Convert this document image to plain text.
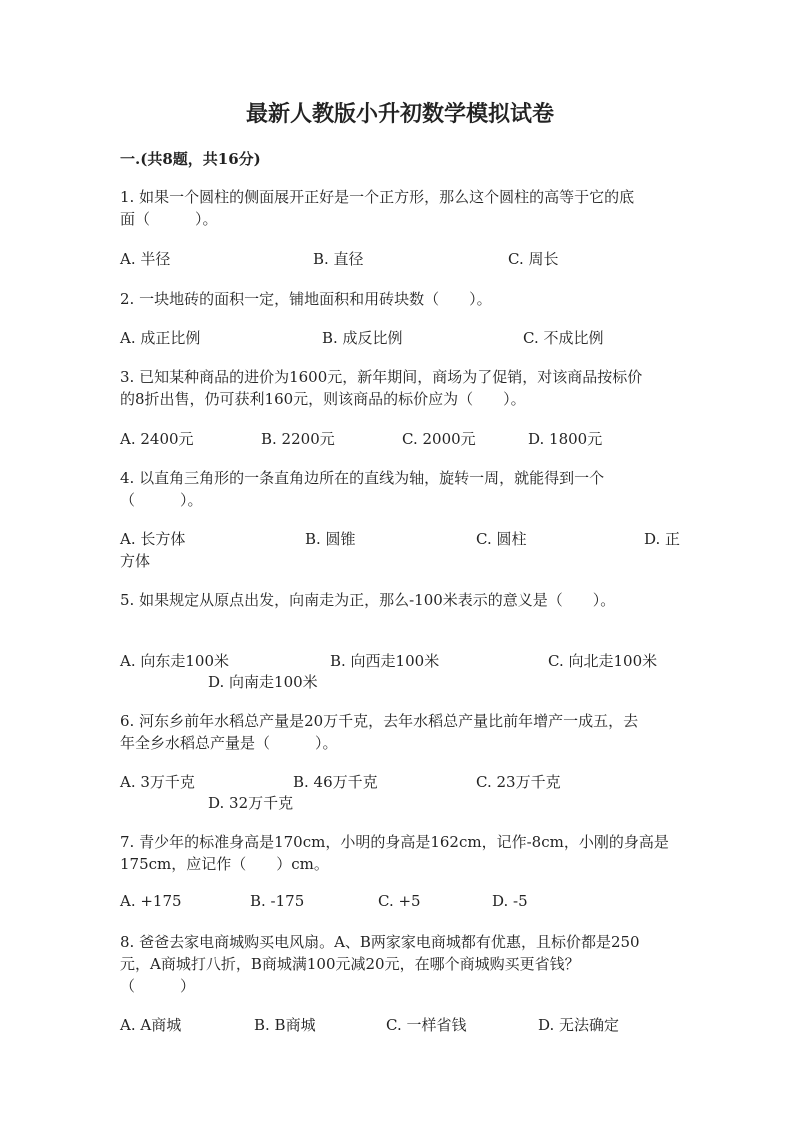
最新人教版小升初数学模拟试卷
一.(共8题，共16分)
1. 如果一个圆柱的侧面展开正好是一个正方形，那么这个圆柱的高等于它的底
面（　　　）。
A. 半径	B. 直径	C. 周长
2. 一块地砖的面积一定，铺地面积和用砖块数（　　）。
A. 成正比例	B. 成反比例	C. 不成比例
3. 已知某种商品的进价为1600元，新年期间，商场为了促销，对该商品按标价
的8折出售，仍可获利160元，则该商品的标价应为（　　）。
A. 2400元	B. 2200元	C. 2000元	D. 1800元
4. 以直角三角形的一条直角边所在的直线为轴，旋转一周，就能得到一个
（　　　）。
A. 长方体	B. 圆锥	C. 圆柱	D. 正
方体
5. 如果规定从原点出发，向南走为正，那么-100米表示的意义是（　　）。
A. 向东走100米	B. 向西走100米	C. 向北走100米
D. 向南走100米
6. 河东乡前年水稻总产量是20万千克，去年水稻总产量比前年增产一成五，去
年全乡水稻总产量是（　　　）。
A. 3万千克	B. 46万千克	C. 23万千克
D. 32万千克
7. 青少年的标准身高是170cm，小明的身高是162cm，记作-8cm，小刚的身高是
175cm，应记作（　　）cm。
A. +175	B. -175	C. +5	D. -5
8. 爸爸去家电商城购买电风扇。A、B两家家电商城都有优惠，且标价都是250
元，A商城打八折，B商城满100元减20元，在哪个商城购买更省钱？
（　　　）
A. A商城	B. B商城	C. 一样省钱	D. 无法确定
